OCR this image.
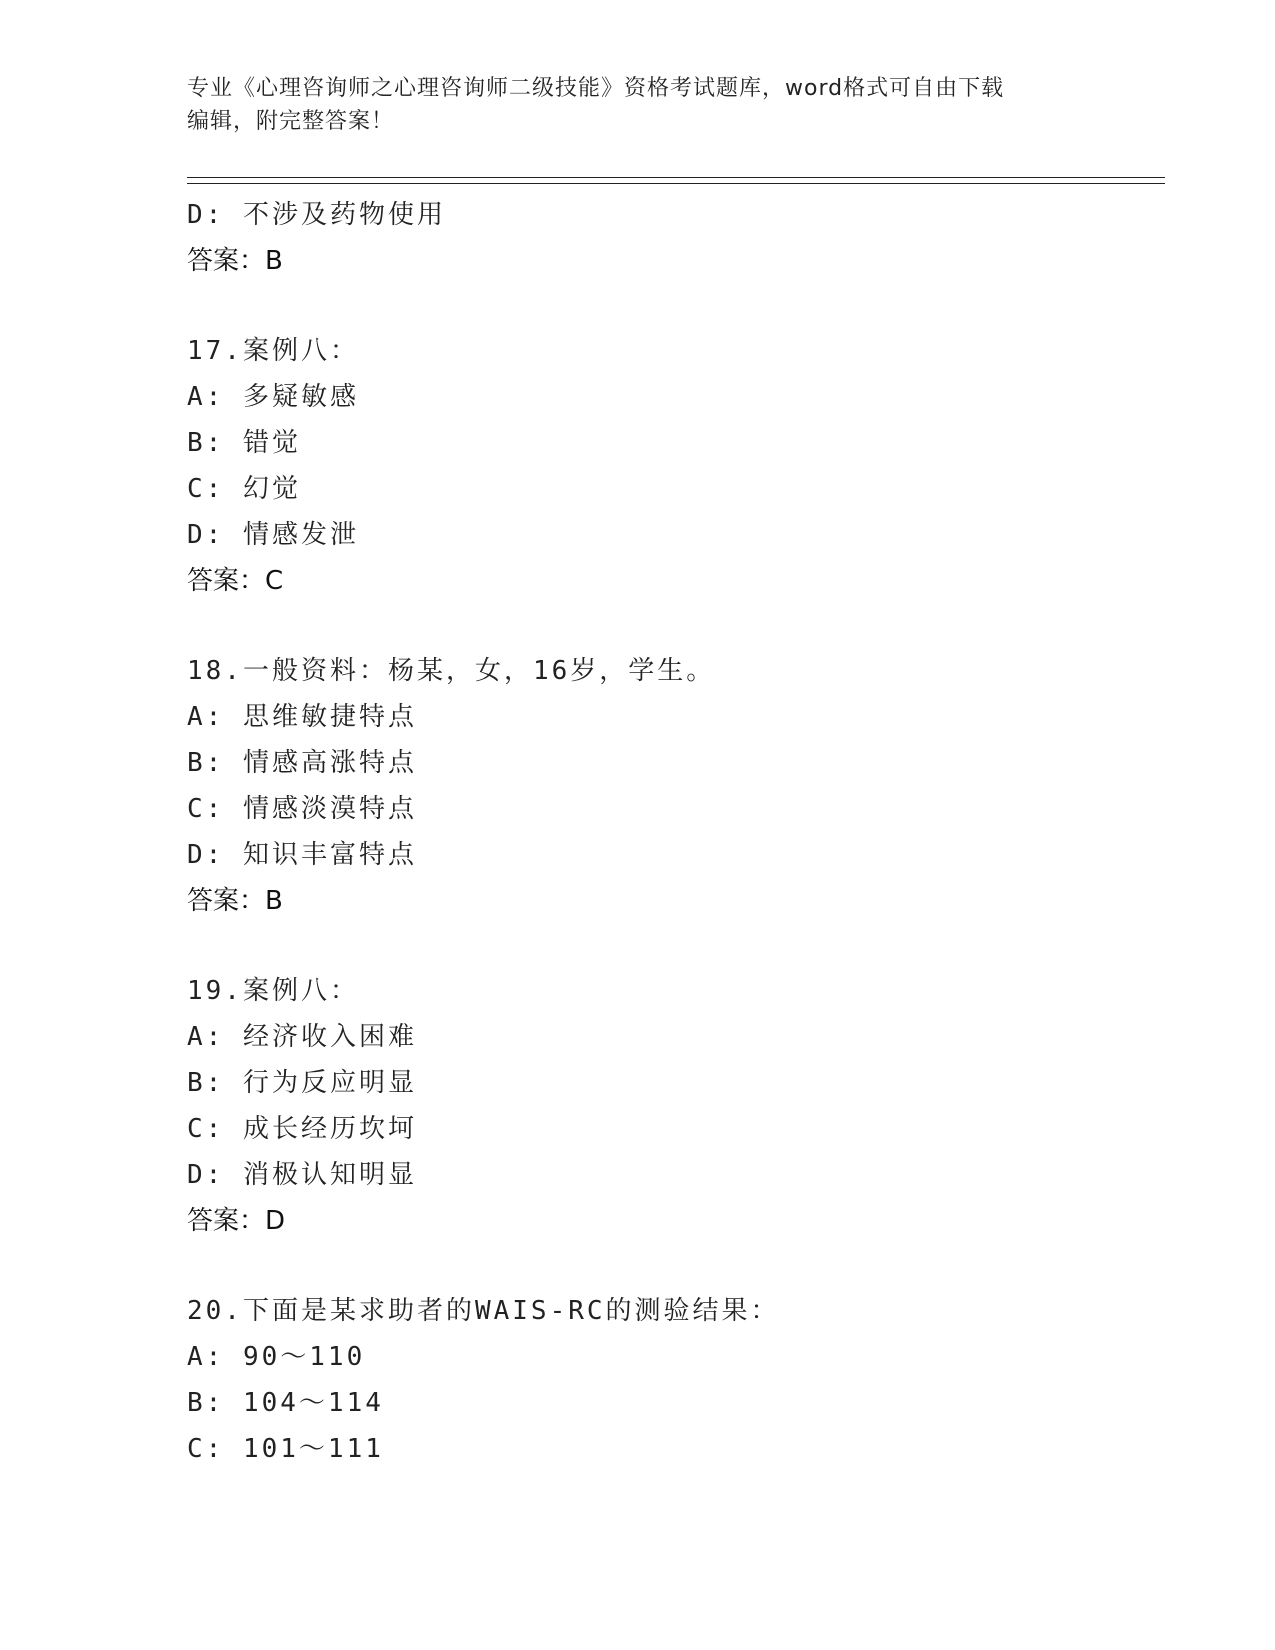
专业《心理咨询师之心理咨询师二级技能》资格考试题库，word格式可自由下载
编辑，附完整答案！
D: 不涉及药物使用
答案：B
17.案例八：
A: 多疑敏感
B: 错觉
C: 幻觉
D: 情感发泄
答案：C
18.一般资料：杨某，女，16岁，学生。
A: 思维敏捷特点
B: 情感高涨特点
C: 情感淡漠特点
D: 知识丰富特点
答案：B
19.案例八：
A: 经济收入困难
B: 行为反应明显
C: 成长经历坎坷
D: 消极认知明显
答案：D
20.下面是某求助者的WAIS-RC的测验结果：
A: 90～110
B: 104～114
C: 101～111
